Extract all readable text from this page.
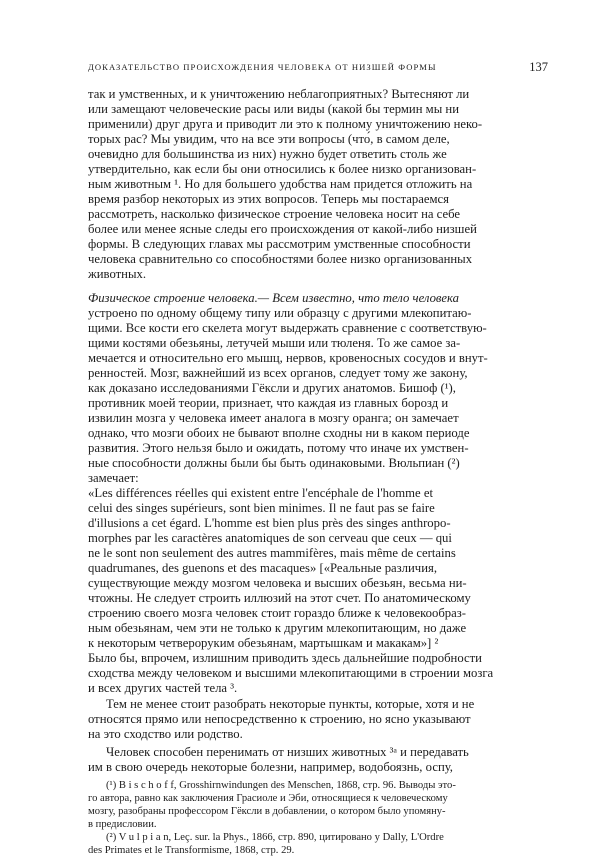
ДОКАЗАТЕЛЬСТВО ПРОИСХОЖДЕНИЯ ЧЕЛОВЕКА ОТ НИЗШЕЙ ФОРМЫ	137
так и умственных, и к уничтожению неблагоприятных? Вытесняют ли
или замещают человеческие расы или виды (какой бы термин мы ни
применили) друг друга и приводит ли это к полному уничтожению неко-
торых рас? Мы увидим, что на все эти вопросы (что́, в самом деле,
очевидно для большинства из них) нужно будет ответить столь же
утвердительно, как если бы они относились к более низко организован-
ным животным ¹. Но для большего удобства нам придется отложить на
время разбор некоторых из этих вопросов. Теперь мы постараемся
рассмотреть, насколько физическое строение человека носит на себе
более или менее ясные следы его происхождения от какой-либо низшей
формы. В следующих главах мы рассмотрим умственные способности
человека сравнительно со способностями более низко организованных
животных.
Физическое строение человека.— Всем известно, что тело человека
устроено по одному общему типу или образцу с другими млекопитаю-
щими. Все кости его скелета могут выдержать сравнение с соответствую-
щими костями обезьяны, летучей мыши или тюленя. То же самое за-
мечается и относительно его мышц, нервов, кровеносных сосудов и внут-
ренностей. Мозг, важнейший из всех органов, следует тому же закону,
как доказано исследованиями Гёксли и других анатомов. Бишоф (¹),
противник моей теории, признает, что каждая из главных борозд и
извилин мозга у человека имеет аналога в мозгу оранга; он замечает
однако, что мозги обоих не бывают вполне сходны ни в каком периоде
развития. Этого нельзя было и ожидать, потому что иначе их умствен-
ные способности должны были бы быть одинаковыми. Вюльпиан (²)
замечает:
«Les différences réelles qui existent entre l'encéphale de l'homme et
celui des singes supérieurs, sont bien minimes. Il ne faut pas se faire
d'illusions a cet égard. L'homme est bien plus près des singes anthropo-
morphes par les caractères anatomiques de son cerveau que ceux — qui
ne le sont non seulement des autres mammifères, mais même de certains
quadrumanes, des guenons et des macaques» [«Реальные различия,
существующие между мозгом человека и высших обезьян, весьма ни-
чтожны. Не следует строить иллюзий на этот счет. По анатомическому
строению своего мозга человек стоит гораздо ближе к человекообраз-
ным обезьянам, чем эти не только к другим млекопитающим, но даже
к некоторым четвероруким обезьянам, мартышкам и макакам»] ²
Было бы, впрочем, излишним приводить здесь дальнейшие подробности
сходства между человеком и высшими млекопитающими в строении мозга
и всех других частей тела ³.
Тем не менее стоит разобрать некоторые пункты, которые, хотя и не
относятся прямо или непосредственно к строению, но ясно указывают
на это сходство или родство.
Человек способен перенимать от низших животных ³ᵃ и передавать
им в свою очередь некоторые болезни, например, водобоязнь, оспу,
(¹) B i s c h o f f, Grosshirnwindungen des Menschen, 1868, стр. 96. Выводы это-
го автора, равно как заключения Грасиоле и Эби, относящиеся к человеческому
мозгу, разобраны профессором Гёксли в добавлении, о котором было упомяну-
в предисловии.
(²) V u l p i a n, Leç. sur. la Phys., 1866, стр. 890, цитировано у Dally, L'Ordre
des Primates et le Transformisme, 1868, стр. 29.
